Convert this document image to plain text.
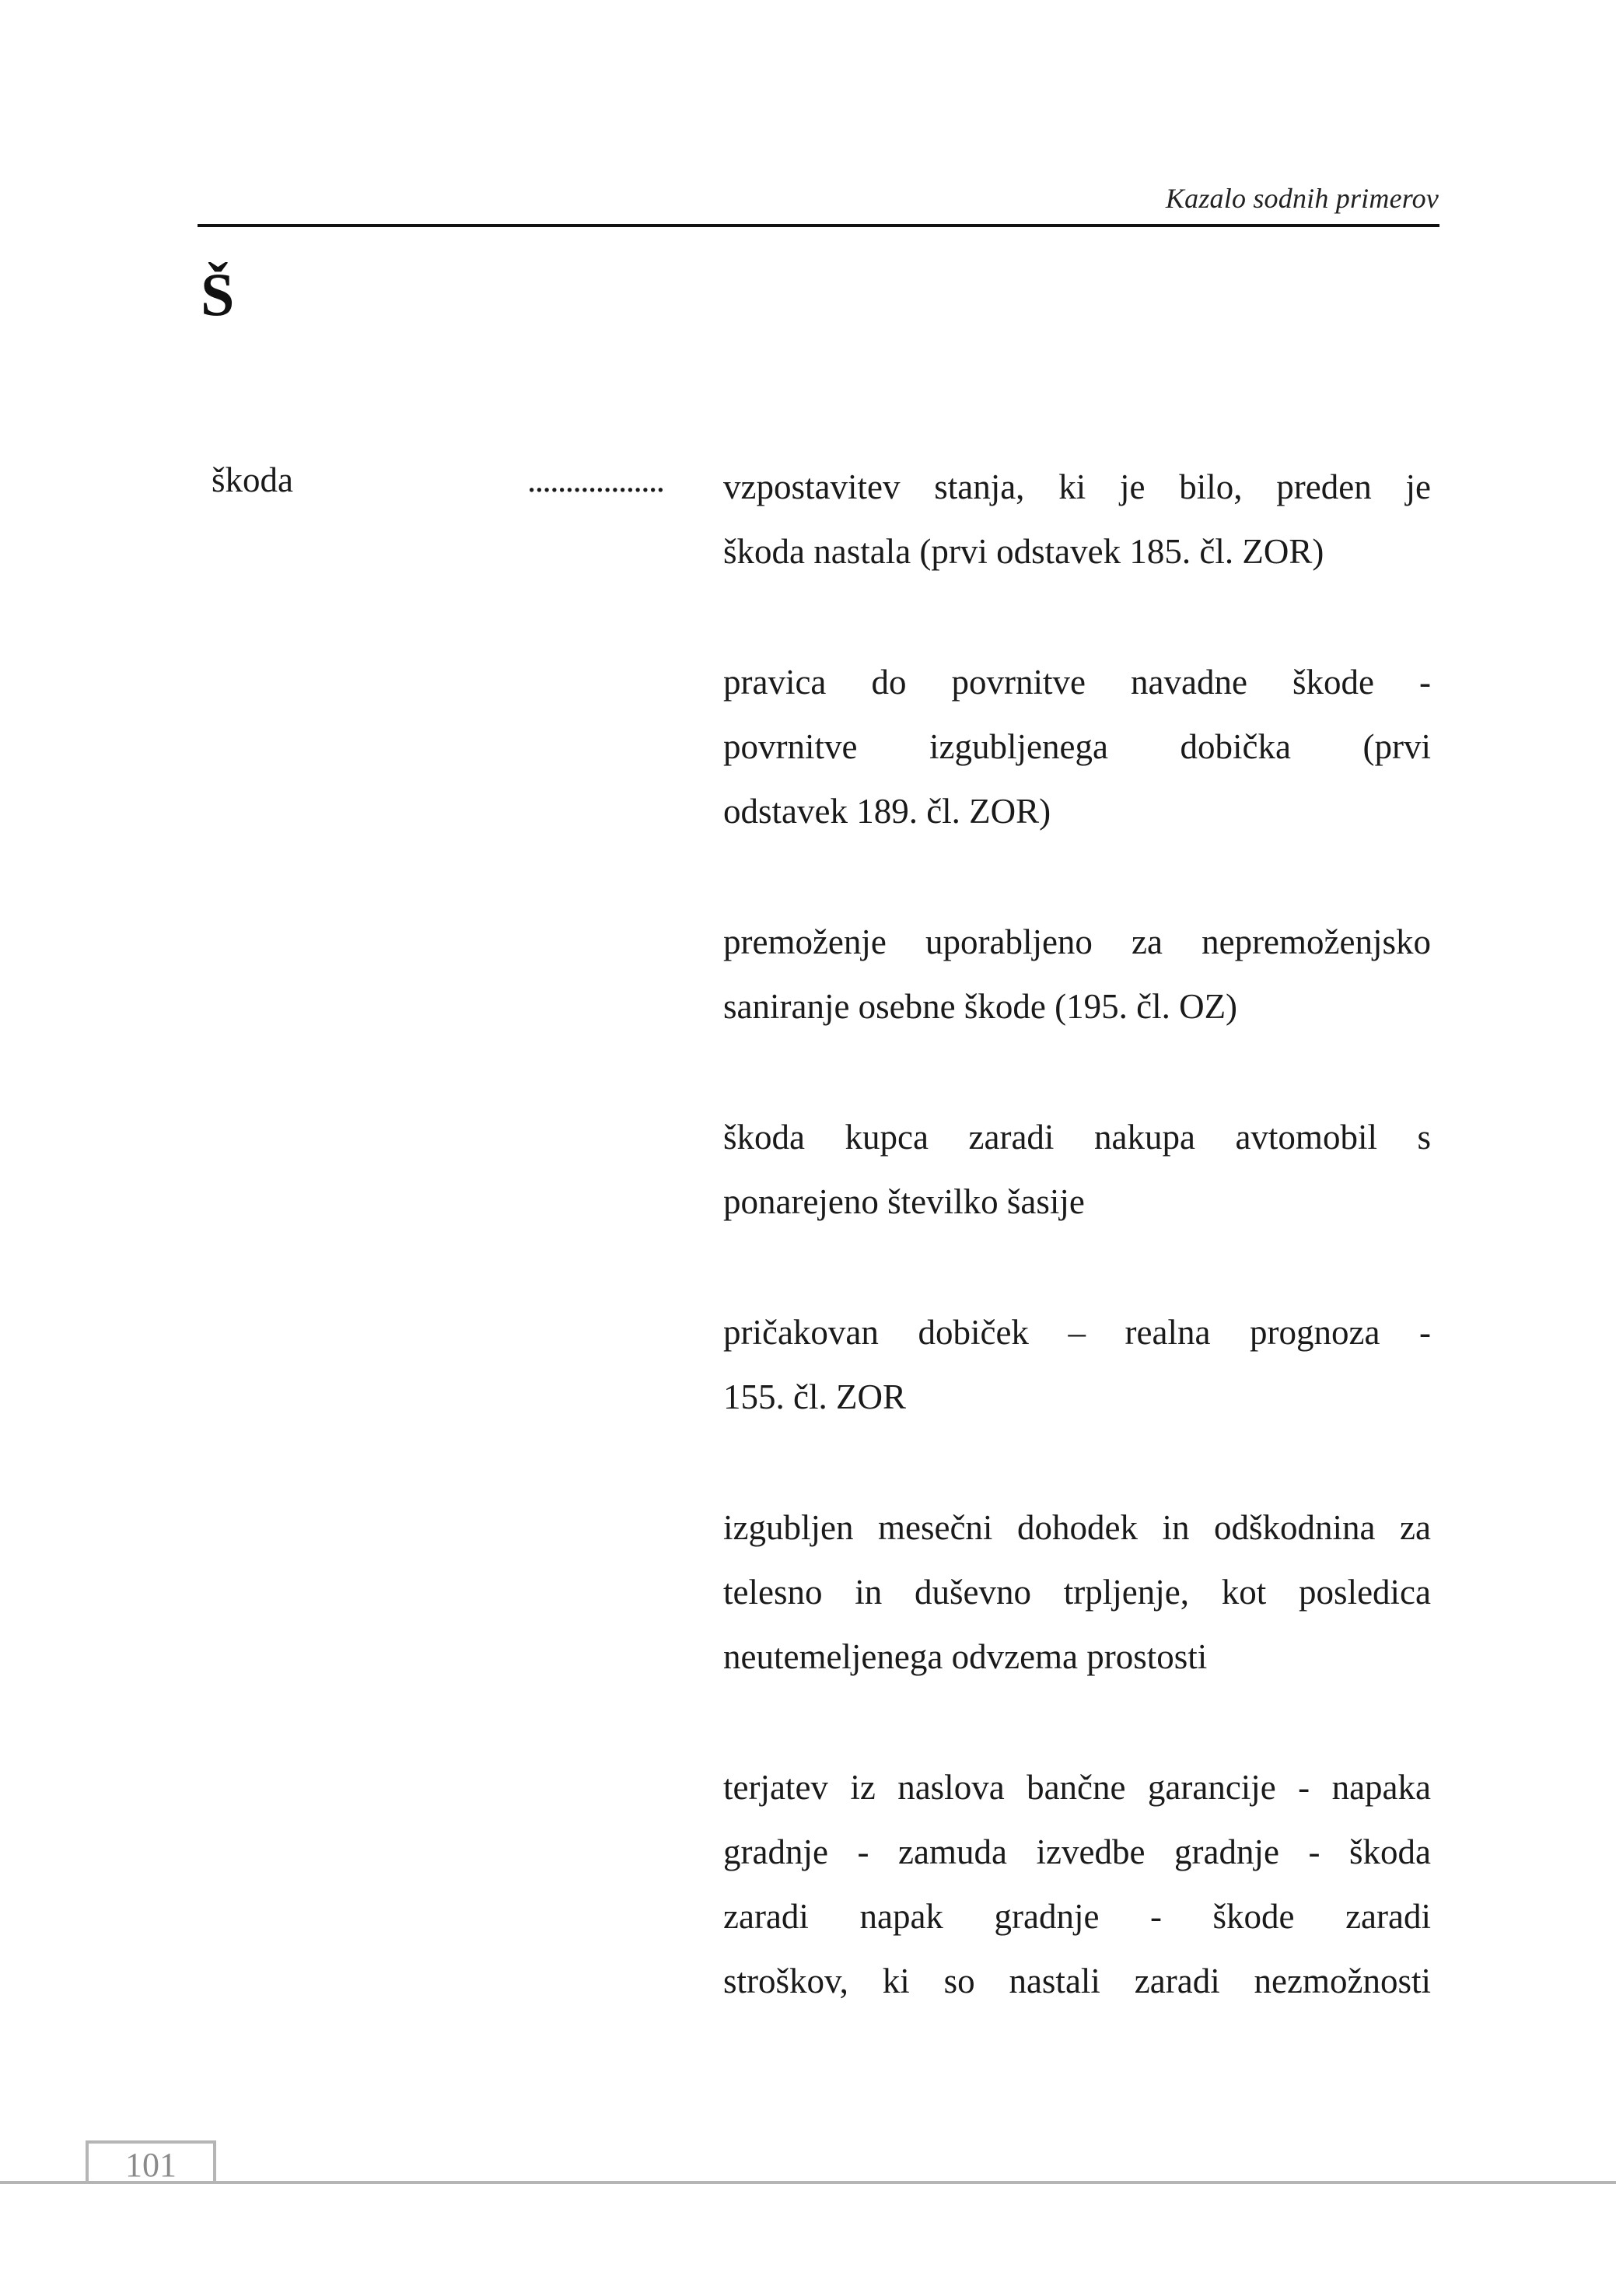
Kazalo sodnih primerov
Š
škoda	..................	vzpostavitev stanja, ki je bilo, preden je
škoda nastala (prvi odstavek 185. čl. ZOR)
pravica do povrnitve navadne škode -
povrnitve izgubljenega dobička (prvi
odstavek 189. čl. ZOR)
premoženje uporabljeno za nepremoženjsko
saniranje osebne škode (195. čl. OZ)
škoda kupca zaradi nakupa avtomobil s
ponarejeno številko šasije
pričakovan dobiček – realna prognoza -
155. čl. ZOR
izgubljen mesečni dohodek in odškodnina za
telesno in duševno trpljenje, kot posledica
neutemeljenega odvzema prostosti
terjatev iz naslova bančne garancije - napaka
gradnje - zamuda izvedbe gradnje - škoda
zaradi napak gradnje - škode zaradi
stroškov, ki so nastali zaradi nezmožnosti
101
